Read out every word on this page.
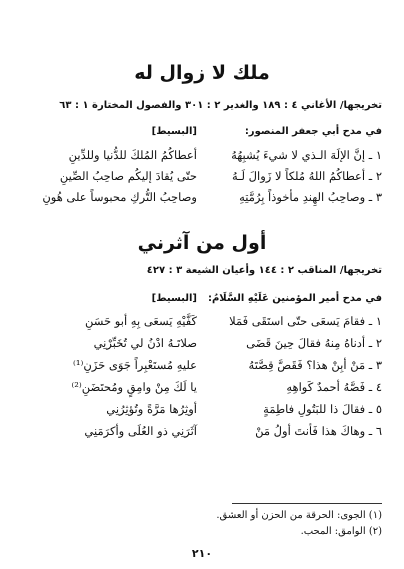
ملك لا زوال له
تخريجها/ الأغاني ٤ : ١٨٩ والغدير ٢ : ٣٠١ والفصول المختارة ١ : ٦٣
في مدح أبي جعفر المنصور:
[البسيط]
١ ـ إنَّ الإلَهَ الـذي لا شيءَ يُشبِهُهُ
أعطاكُمُ المُلكَ للدُّنيا وللدِّينِ
٢ ـ أعطاكُمُ اللهُ مُلكاً لا زَوالَ لَـهُ
حتّى يُقادَ إليكُم صاحِبُ الصِّينِ
٣ ـ وصاحِبُ الهِندِ مأخوذاً بِرُمَّتِهِ
وصاحِبُ التُّركِ محبوساً على هُونِ
أول من آثرني
تخريجها/ المناقب ٢ : ١٤٤ وأعيان الشيعة ٣ : ٤٢٧
في مدح أمير المؤمنين عَلَيْهِ السَّلَامُ:
[البسيط]
١ ـ فقامَ يَسعَى حتّى استَقَى فَمَلا
كَفَّيْهِ يَسعَى بِهِ أبو حَسَنِ
٢ ـ أدناهُ مِنهُ فقالَ حِينَ قَضَى
صلاتَـهُ ادْنُ لي تُخَبِّرْنِي
٣ ـ مَنْ أبِنْ هذا؟ فَقَصَّ قِصَّتَهُ
عليهِ مُستَعْبِراً جَوَى حَزَنِ⁽¹⁾
٤ ـ فَصَّهُ أحمدٌ كَواهِهِ
يا لَكَ مِنْ وامِقٍ ومُحتَضَنِ⁽²⁾
٥ ـ فقالَ ذا للبَتُولِ فاطِمَةٍ
أوثِرُها مَرَّةً وتُؤثِرُنِي
٦ ـ وهاكَ هذا فَأنتَ أولُ مَنْ
آثَرَنِي ذو العُلَى وأكرَمَنِي
(١) الجوى: الحرقة من الحزن أو العشق.
(٢) الوامق: المحب.
٢١٠
